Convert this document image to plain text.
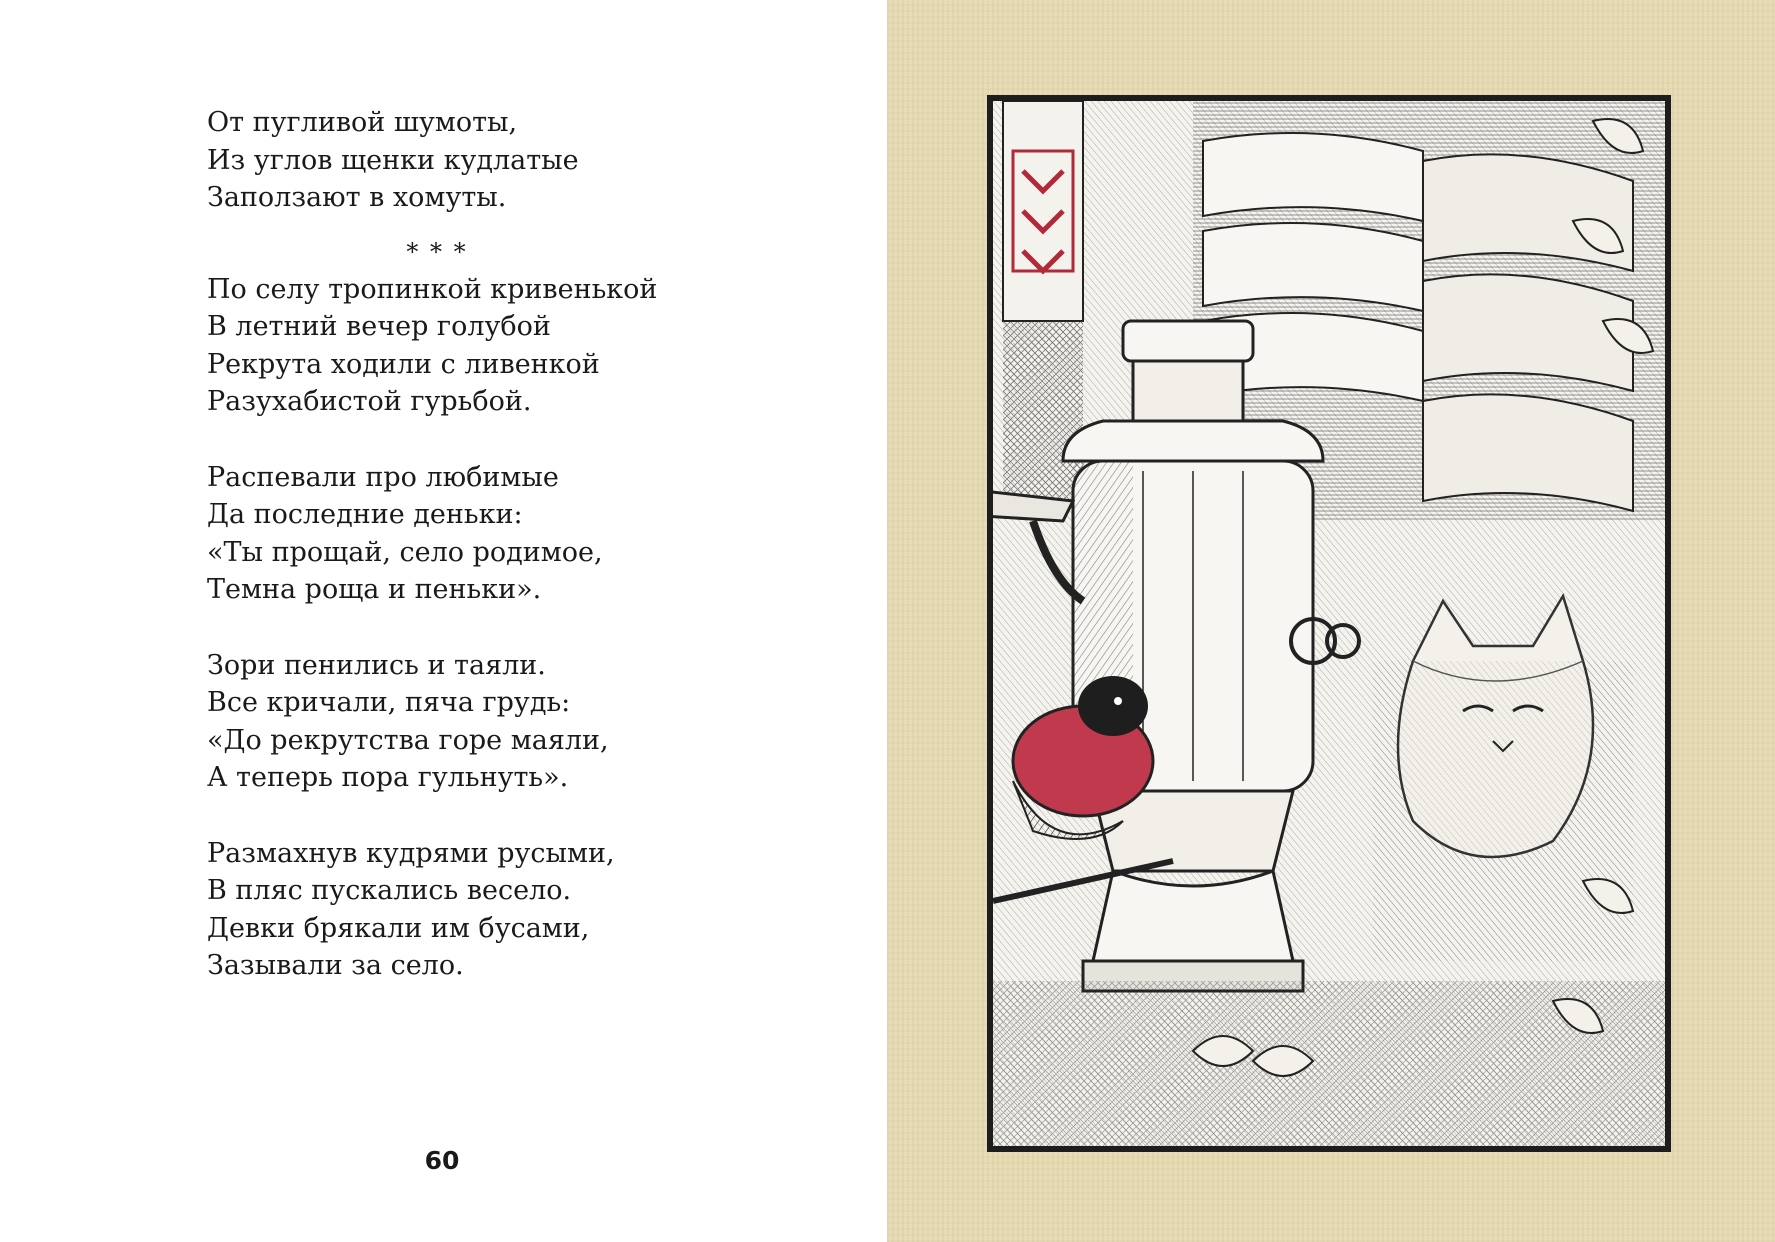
От пугливой шумоты,
Из углов щенки кудлатые
Заползают в хомуты.
* * *
По селу тропинкой кривенькой
В летний вечер голубой
Рекрута ходили с ливенкой
Разухабистой гурьбой.
Распевали про любимые
Да последние деньки:
«Ты прощай, село родимое,
Темна роща и пеньки».
Зори пенились и таяли.
Все кричали, пяча грудь:
«До рекрутства горе маяли,
А теперь пора гульнуть».
Размахнув кудрями русыми,
В пляс пускались весело.
Девки брякали им бусами,
Зазывали за село.
60
